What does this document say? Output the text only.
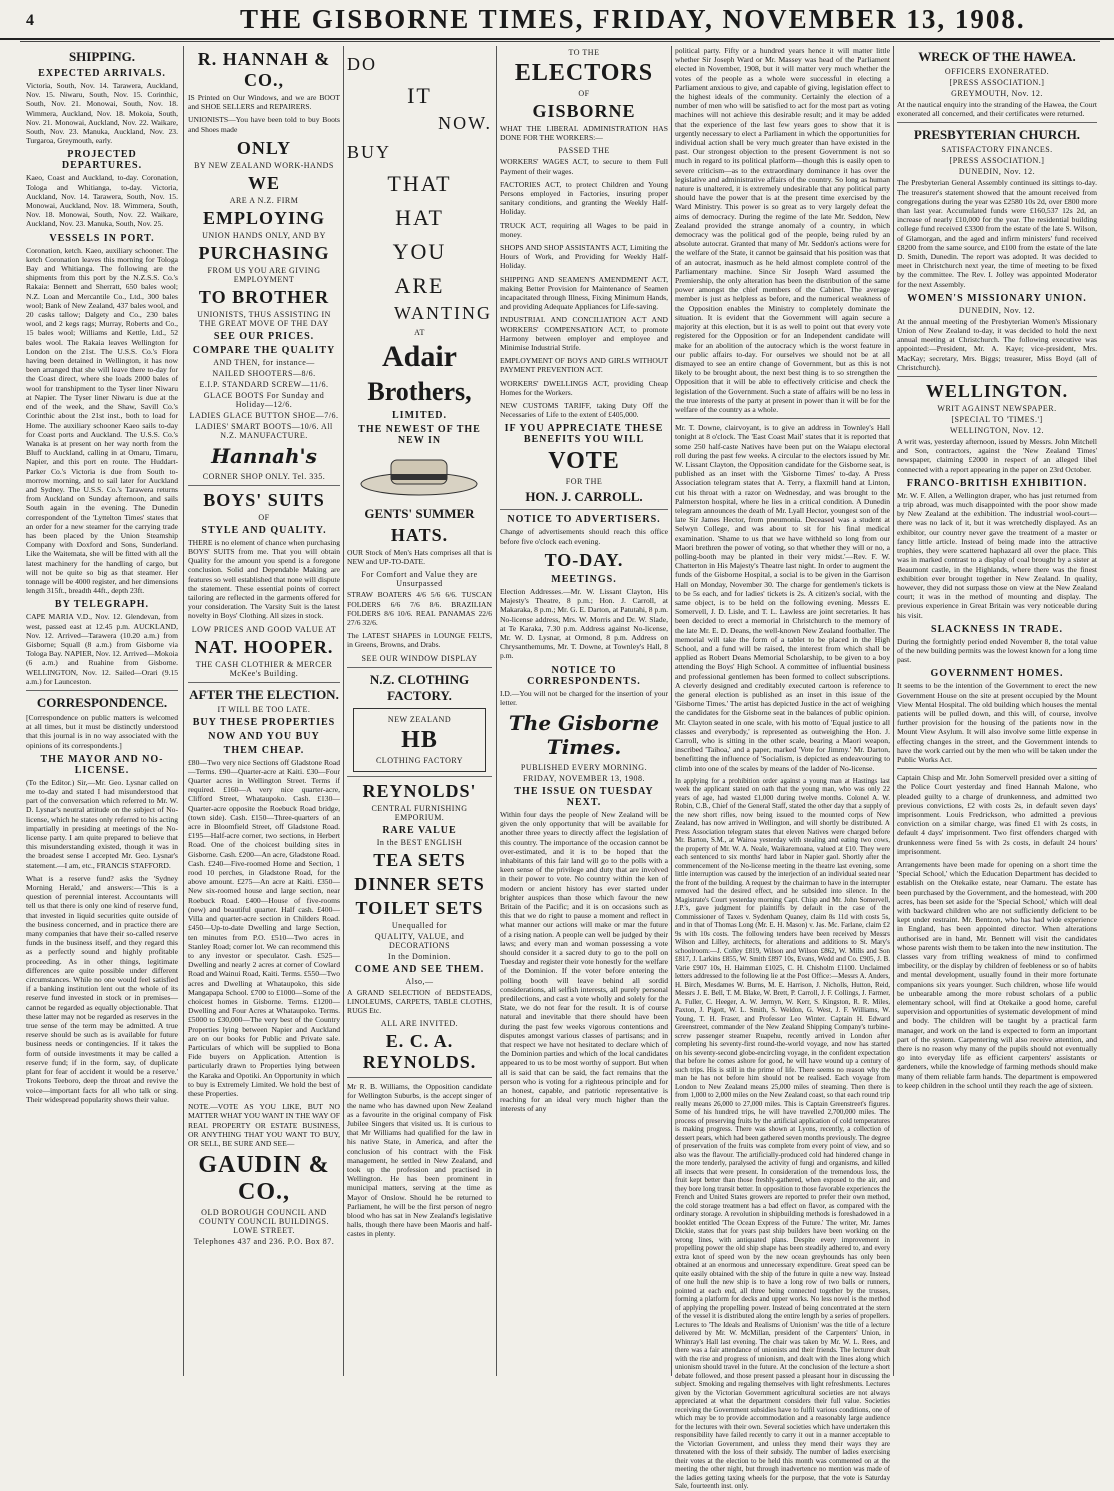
4	THE GISBORNE TIMES, FRIDAY, NOVEMBER 13, 1908.
SHIPPING.
EXPECTED ARRIVALS.

Victoria, South, Nov. 14. Tarawera, Auckland, Nov. 15. Niwaru, South, Nov. 15. Corinthic, South, Nov. 21. Monowai, South, Nov. 18. Wimmera, Auckland, Nov. 18. Mokoia, South, Nov. 21. Monowai, Auckland, Nov. 22. Waikare, South, Nov. 23. Manuka, Auckland, Nov. 23. Turgaroa, Greymouth, early.

PROJECTED DEPARTURES.

Kaeo, Coast and Auckland, to-day. Coronation, Tologa and Whitianga, to-day. Victoria, Auckland, Nov. 14. Tarawera, South, Nov. 15. Monowai, Auckland, Nov. 18. Wimmera, South, Nov. 18. Monowai, South, Nov. 22. Waikare, Auckland, Nov. 23. Manuka, South, Nov. 25.

VESSELS IN PORT.

Coronation, ketch. Kaeo, auxiliary schooner. The ketch Coronation leaves this morning for Tologa Bay and Whitianga. The following are the shipments from this port by the N.Z.S.S. Co.'s Rakaia: Bennett and Sherratt, 650 bales wool; N.Z. Loan and Mercantile Co., Ltd., 300 bales wool; Bank of New Zealand, 437 bales wool, and 20 casks tallow; Dalgety and Co., 230 bales wool, and 2 kegs rags; Murray, Roberts and Co., 15 bales wool; Williams and Kettle, Ltd., 52 bales wool. The Rakaia leaves Wellington for London on the 21st. The U.S.S. Co.'s Flora having been detained in Wellington, it has now been arranged that she will leave there to-day for the Coast direct, where she loads 2000 bales of wool for transhipment to the Tyser liner Niwaru at Napier. The Tyser liner Niwaru is due at the end of the week, and the Shaw, Savill Co.'s Corinthic about the 21st inst., both to load for Home. The auxiliary schooner Kaeo sails to-day for Coast ports and Auckland. The U.S.S. Co.'s Wanaka is at present on her way north from the Bluff to Auckland, calling in at Omaru, Timaru, Napier, and this port en route. The Huddart-Parker Co.'s Victoria is due from South to-morrow morning, and to sail later for Auckland and Sydney. The U.S.S. Co.'s Tarawera returns from Auckland on Sunday afternoon, and sails South again in the evening. The Dunedin correspondent of the 'Lyttelton Times' states that an order for a new steamer for the carrying trade has been placed by the Union Steamship Company with Doxford and Sons, Sunderland. Like the Waitemata, she will be fitted with all the latest machinery for the handling of cargo, but will not be quite so big as that steamer. Her tonnage will be 4000 register, and her dimensions length 315ft., breadth 44ft., depth 23ft.

BY TELEGRAPH.

CAPE MARIA V.D., Nov. 12. Glendevan, from west, passed east at 12.45 p.m. AUCKLAND, Nov. 12. Arrived—Tarawera (10.20 a.m.) from Gisborne; Squall (8 a.m.) from Gisborne via Tologa Bay. NAPIER, Nov. 12. Arrived—Mokoia (6 a.m.) and Ruahine from Gisborne. WELLINGTON, Nov. 12. Sailed—Orari (9.15 a.m.) for Launceston.

CORRESPONDENCE.

[Correspondence on public matters is welcomed at all times, but it must be distinctly understood that this journal is in no way associated with the opinions of its correspondents.]

THE MAYOR AND NO-LICENSE.

(To the Editor.) Sir,—Mr. Geo. Lysnar called on me to-day and stated I had misunderstood that part of the conversation which referred to Mr. W. D. Lysnar's neutral attitude on the subject of No-license, which he states only referred to his acting impartially in presiding at meetings of the No-license party. I am quite prepared to believe that this misunderstanding existed, though it was in the broadest sense I accepted Mr. Geo. Lysnar's statement.—I am, etc., FRANCIS STAFFORD.

What is a reserve fund? asks the 'Sydney Morning Herald,' and answers:—'This is a question of perennial interest. Accountants will tell us that there is only one kind of reserve fund, that invested in liquid securities quite outside of the business concerned, and in practice there are many companies that have their so-called reserve funds in the business itself, and they regard this as a perfectly sound and highly profitable proceeding. As in other things, legitimate differences are quite possible under different circumstances. While no one would feel satisfied if a banking institution lent out the whole of its reserve fund invested in stock or in premises—cannot be regarded as equally objectionable. That these latter may not be regarded as reserves in the true sense of the term may be admitted. A true reserve should be such as is available for future business needs or contingencies. If it takes the form of outside investments it may be called a reserve fund; if in the form, say, of duplicate plant for fear of accident it would be a reserve.' Trokons Teeboro, deep the throat and revive the voice—important facts for all who talk or sing. Their widespread popularity shows their value.

R. HANNAH & CO.,

IS Printed on Our Windows, and we are BOOT and SHOE SELLERS and REPAIRERS.

UNIONISTS—You have been told to buy Boots and Shoes made

ONLY
BY NEW ZEALAND WORK-HANDS
WE
ARE A N.Z. FIRM
EMPLOYING
UNION HANDS ONLY, AND BY
PURCHASING
FROM US YOU ARE GIVING EMPLOYMENT
TO BROTHER
UNIONISTS, THUS ASSISTING IN THE GREAT MOVE OF THE DAY
SEE OUR PRICES.
COMPARE THE QUALITY
AND THEN, for instance—
NAILED SHOOTERS—8/6.
E.I.P. STANDARD SCREW—11/6.
GLACE BOOTS For Sunday and Holiday—12/6.
LADIES GLACE BUTTON SHOE—7/6.
LADIES' SMART BOOTS—10/6. All N.Z. MANUFACTURE.
Hannah's
CORNER SHOP ONLY. Tel. 335.
BOYS' SUITS
OF
STYLE AND QUALITY.

THERE is no element of chance when purchasing BOYS' SUITS from me. That you will obtain Quality for the amount you spend is a foregone conclusion. Solid and Dependable Making are features so well established that none will dispute the statement. These essential points of correct tailoring are reflected in the garments offered for your consideration. The Varsity Suit is the latest novelty in Boys' Clothing. All sizes in stock.

LOW PRICES AND GOOD VALUE AT
NAT. HOOPER.
THE CASH CLOTHIER & MERCER McKee's Building.
AFTER THE ELECTION.
IT WILL BE TOO LATE.
BUY THESE PROPERTIES
NOW AND YOU BUY
THEM CHEAP.

£80—Two very nice Sections off Gladstone Road—Terms. £90—Quarter-acre at Kaiti. £30—Four Quarter acres in Wellington Street. Terms if required. £160—A very nice quarter-acre, Clifford Street, Whataupoko. Cash. £130—Quarter-acre opposite the Roebuck Road bridge, (town side). Cash. £150—Three-quarters of an acre in Bloomfield Street, off Gladstone Road. £195—Half-acre corner, two sections, in Herbert Road. One of the choicest building sites in Gisborne. Cash. £200—An acre, Gladstone Road. Cash. £240—Five-roomed Home and Section, 1 rood 10 perches, in Gladstone Road, for the above amount. £275—An acre at Kaiti. £350—New six-roomed house and large section, near Roebuck Road. £400—House of five-rooms (new) and beautiful quarter. Half cash. £400—Villa and quarter-acre section in Childers Road. £450—Up-to-date Dwelling and large Section, ten minutes from P.O. £510—Two acres in Stanley Road; corner lot. We can recommend this to any investor or speculator. Cash. £525—Dwelling and nearly 2 acres at corner of Cowlard Road and Wainui Road, Kaiti. Terms. £550—Two acres and Dwelling at Whataupoko, this side Mangapapa School. £700 to £1000—Some of the choicest homes in Gisborne. Terms. £1200—Dwelling and Four Acres at Whataupoko. Terms. £5000 to £30,000—The very best of the Country Properties lying between Napier and Auckland are on our books for Public and Private sale. Particulars of which will be supplied to Bona Fide buyers on Application. Attention is particularly drawn to Properties lying between the Karaka and Opotiki. An Opportunity in which to buy is Extremely Limited. We hold the best of these Properties.

NOTE.—VOTE AS YOU LIKE, BUT NO MATTER WHAT YOU WANT IN THE WAY OF REAL PROPERTY OR ESTATE BUSINESS, OR ANYTHING THAT YOU WANT TO BUY, OR SELL, BE SURE AND SEE—

GAUDIN & CO.,
OLD BOROUGH COUNCIL AND COUNTY COUNCIL BUILDINGS. LOWE STREET.
Telephones 437 and 236. P.O. Box 87.
DO
IT
NOW.
BUY
THAT
HAT
YOU
ARE
WANTING
AT
Adair
Brothers,
LIMITED.
THE NEWEST OF THE NEW IN
GENTS' SUMMER
HATS.

OUR Stock of Men's Hats comprises all that is NEW and UP-TO-DATE.

For Comfort and Value they are Unsurpassed

STRAW BOATERS 4/6 5/6 6/6. TUSCAN FOLDERS 6/6 7/6 8/6. BRAZILIAN FOLDERS 8/6 10/6. REAL PANAMAS 22/6 27/6 32/6.

The LATEST SHAPES in LOUNGE FELTS, in Greens, Browns, and Drabs.

SEE OUR WINDOW DISPLAY
N.Z. CLOTHING FACTORY.
NEW ZEALAND
HB
CLOTHING FACTORY
REYNOLDS'
CENTRAL FURNISHING EMPORIUM.
RARE VALUE
In the BEST ENGLISH
TEA SETS
DINNER SETS
TOILET SETS
Unequalled for
QUALITY, VALUE, and DECORATIONS
In the Dominion.
COME AND SEE THEM.
Also,—

A GRAND SELECTION of BEDSTEADS, LINOLEUMS, CARPETS, TABLE CLOTHS, RUGS Etc.

ALL ARE INVITED.
E. C. A. REYNOLDS.

Mr R. B. Williams, the Opposition candidate for Wellington Suburbs, is the accept singer of the name who has dawned upon New Zealand as a favourite in the original company of Fisk Jubilee Singers that visited us. It is curious to that Mr Williams had qualified for the law in his native State, in America, and after the conclusion of his contract with the Fisk management, he settled in New Zealand, and took up the profession and practised in Wellington. He has been prominent in municipal matters, serving at the time as Mayor of Onslow. Should he be returned to Parliament, he will be the first person of negro blood who has sat in New Zealand's legislative halls, though there have been Maoris and half-castes in plenty.

TO THE
ELECTORS
OF
GISBORNE

WHAT THE LIBERAL ADMINISTRATION HAS DONE FOR THE WORKERS:—

PASSED THE

WORKERS' WAGES ACT, to secure to them Full Payment of their wages.

FACTORIES ACT, to protect Children and Young Persons employed in Factories, insuring proper sanitary conditions, and granting the Weekly Half-Holiday.

TRUCK ACT, requiring all Wages to be paid in money.

SHOPS AND SHOP ASSISTANTS ACT, Limiting the Hours of Work, and Providing for Weekly Half-Holiday.

SHIPPING AND SEAMEN'S AMENDMENT ACT, making Better Provision for Maintenance of Seamen incapacitated through Illness, Fixing Minimum Hands, and providing Adequate Appliances for Life-saving.

INDUSTRIAL AND CONCILIATION ACT AND WORKERS' COMPENSATION ACT, to promote Harmony between employer and employee and Minimise Industrial Strife.

EMPLOYMENT OF BOYS AND GIRLS WITHOUT PAYMENT PREVENTION ACT.

WORKERS' DWELLINGS ACT, providing Cheap Homes for the Workers.

NEW CUSTOMS TARIFF, taking Duty Off the Necessaries of Life to the extent of £405,000.

IF YOU APPRECIATE THESE BENEFITS YOU WILL
VOTE
FOR THE
HON. J. CARROLL.
NOTICE TO ADVERTISERS.

Change of advertisements should reach this office before five o'clock each evening.

TO-DAY.
MEETINGS.

Election Addresses.—Mr. W. Lissant Clayton, His Majesty's Theatre, 8 p.m.; Hon. J. Carroll, at Makaraka, 8 p.m.; Mr. G. E. Darton, at Patutahi, 8 p.m. No-license address, Mrs. W. Morris and Dr. W. Slade, at Te Karaka, 7.30 p.m. Address against No-license, Mr. W. D. Lysnar, at Ormond, 8 p.m. Address on Chrysanthemums, Mr. T. Downe, at Townley's Hall, 8 p.m.

NOTICE TO CORRESPONDENTS.

I.D.—You will not be charged for the insertion of your letter.

The Gisborne Times.
PUBLISHED EVERY MORNING.
FRIDAY, NOVEMBER 13, 1908.
THE ISSUE ON TUESDAY NEXT.

Within four days the people of New Zealand will be given the only opportunity that will be available for another three years to directly affect the legislation of this country. The importance of the occasion cannot be over-estimated, and it is to be hoped that the inhabitants of this fair land will go to the polls with a keen sense of the privilege and duty that are involved in their power to vote. No country within the ken of modern or ancient history has ever started under brighter auspices than those which favour the new Britain of the Pacific; and it is on occasions such as this that we do right to pause a moment and reflect in what manner our actions will make or mar the future of a rising nation. A people can well be judged by their laws; and every man and woman possessing a vote should consider it a sacred duty to go to the poll on Tuesday and register their vote honestly for the welfare of the Dominion. If the voter before entering the polling booth will leave behind all sordid considerations, all selfish interests, all purely personal predilections, and cast a vote wholly and solely for the State, we do not fear for the result. It is of course natural and inevitable that there should have been during the past few weeks vigorous contentions and disputes amongst various classes of partisans; and in that respect we have not hesitated to declare which of the Dominion parties and which of the local candidates appeared to us to be most worthy of support. But when all is said that can be said, the fact remains that the person who is voting for a righteous principle and for an honest, capable, and patriotic representative is reaching for an ideal very much higher than the interests of any

political party. Fifty or a hundred years hence it will matter little whether Sir Joseph Ward or Mr. Massey was head of the Parliament elected in November, 1908, but it will matter very much whether the votes of the people as a whole were successful in electing a Parliament anxious to give, and capable of giving, legislation effect to the highest ideals of the community. Certainly the election of a number of men who will be satisfied to act for the most part as voting machines will not achieve this desirable result; and it may be added that the experience of the last few years goes to show that it is urgently necessary to elect a Parliament in which the opportunities for individual action shall be very much greater than have existed in the past. Our strongest objection to the present Government is not so much in regard to its political platform—though this is easily open to severe criticism—as to the extraordinary dominance it has over the legislative and administrative affairs of the country. So long as human nature is unaltered, it is extremely undesirable that any political party should have the power that is at the present time exercised by the Ward Ministry. This power is so great as to very largely defeat the aims of democracy. During the regime of the late Mr. Seddon, New Zealand provided the strange anomaly of a country, in which democracy was the political god of the people, being ruled by an absolute autocrat. Granted that many of Mr. Seddon's actions were for the welfare of the State, it cannot be gainsaid that his position was that of an autocrat, inasmuch as he held almost complete control of the Parliamentary machine. Since Sir Joseph Ward assumed the Premiership, the only alteration has been the distribution of the same power amongst the chief members of the Cabinet. The average member is just as helpless as before, and the numerical weakness of the Opposition enables the Ministry to completely dominate the situation. It is evident that the Government will again secure a majority at this election, but it is as well to point out that every vote registered for the Opposition or for an Independent candidate will make for an abolition of the autocracy which is the worst feature in our public affairs to-day. For ourselves we should not be at all dismayed to see an entire change of Government, but as this is not likely to be brought about, the next best thing is to so strengthen the Opposition that it will be able to effectively criticise and check the legislation of the Government. Such a state of affairs will be no less in the true interests of the party at present in power than it will be for the welfare of the country as a whole.

Mr. T. Downe, clairvoyant, is to give an address in Townley's Hall tonight at 8 o'clock. The 'East Coast Mail' states that it is reported that some 250 half-caste Natives have been put on the Waiapu electoral roll during the past few weeks. A circular to the electors issued by Mr. W. Lissant Clayton, the Opposition candidate for the Gisborne seat, is published as an inset with the 'Gisborne Times' to-day. A Press Association telegram states that A. Terry, a flaxmill hand at Linton, cut his throat with a razor on Wednesday, and was brought to the Palmerston hospital, where he lies in a critical condition. A Dunedin telegram announces the death of Mr. Lyall Hector, youngest son of the late Sir James Hector, from pneumonia. Deceased was a student at Selwyn College, and was about to sit for his final medical examination. 'Shame to us that we have withheld so long from our Maori brethren the power of voting, so that whether they will or no, a polling-booth may be planted in their very midst.'—Rev. F. W. Chatterton in His Majesty's Theatre last night. In order to augment the funds of the Gisborne Hospital, a social is to be given in the Garrison Hall on Monday, November 30. The charge for gentlemen's tickets is to be 5s each, and for ladies' tickets is 2s. A citizen's social, with the same object, is to be held on the following evening. Messrs E. Somervell, J. D. Lisle, and T. L. Lawless are joint secretaries. It has been decided to erect a memorial in Christchurch to the memory of the late Mr. E. D. Deans, the well-known New Zealand footballer. The memorial will take the form of a tablet to be placed in the High School, and a fund will be raised, the interest from which shall be applied as Robert Deans Memorial Scholarship, to be given to a boy attending the Boys' High School. A committee of influential business and professional gentlemen has been formed to collect subscriptions. A cleverly designed and creditably executed cartoon is reference to the general election is published as an inset in this issue of the 'Gisborne Times.' The artist has depicted Justice in the act of weighing the candidates for the Gisborne seat in the balances of public opinion. Mr. Clayton seated in one scale, with his motto of 'Equal justice to all classes and everybody,' is represented as outweighing the Hon. J. Carroll, who is sitting in the other scale, bearing a Maori weapon, inscribed 'Taihoa,' and a paper, marked 'Vote for Jimmy.' Mr. Darton, benefitting the influence of 'Socialism, is depicted as endeavouring to climb into one of the scales by means of the ladder of No-license.

In applying for a prohibition order against a young man at Hastings last week the applicant stated on oath that the young man, who was only 22 years of age, had wasted £1,000 during twelve months. Colonel A. W. Robin, C.B., Chief of the General Staff, stated the other day that a supply of the new short rifles, now being issued to the mounted corps of New Zealand, has now arrived in Wellington, and will shortly be distributed. A Press Association telegram states that eleven Natives were charged before Mr. Barton, S.M., at Wairoa yesterday with stealing and eating two cows, the property of Mr. W. A. Neale, Waikaremoana, valued at £10. They were each sentenced to six months' hard labor in Napier gaol. Shortly after the commencement of the No-license meeting in the theatre last evening, some little interruption was caused by the interjection of an individual seated near the front of the building. A request by the chairman to have in the interrupter removed had the desired effect, and he subsided into silence. In the Magistrate's Court yesterday morning Capt. Chisp and Mr. John Somervell, J.P.'s, gave judgment for plaintiffs by default in the case of the Commissioner of Taxes v. Sydenham Quaney, claim 8s 11d with costs 5s, and in that of Thomas Long (Mr. E. H. Mason) v. Jas. Mc. Farlane, claim £2 9s with 10s costs. The following tenders have been received by Messrs Wilson and Lilley, architects, for alterations and additions to St. Mary's schoolroom:—J. Colley £819, Wilson and Wilson £862, W. Mills and Son £817, J. Larkins £855, W. Smith £897 10s, Evans, Wedd and Co. £905, J. B. Varie £907 10s, H. Haimman £1025, C. H. Chisholm £1100. Unclaimed letters addressed to the following lie at the Post Office:—Messrs A. Anders, H. Birch, Mesdames W. Burns, M. E. Harrison, J. Nicholls, Hutton, Reid, Messrs J. E. Bell, T. M. Blake, W. Brett, P. Carroll, J. F. Collings, J. Farmer, A. Fuller, C. Heeger, A. W. Jermyn, W. Kerr, S. Kingston, R. R. Miles, Paxton, J. Pigott, W. L. Smith, S. Weldon, G. West, J. F. Williams, W. Young, T. H. Fraser, and Professor Leo Winter. Captain H. Edward Greenstreet, commander of the New Zealand Shipping Company's turbine-screw passenger steamer Ruapehu, recently arrived in London after completing his seventy-first round-the-world voyage, and now has started on his seventy-second globe-encircling voyage, in the confident expectation that before he comes ashore for good, he will have wound up a century of such trips. His is still in the prime of life. There seems no reason why the man he has not before him should not be realised. Each voyage from London to New Zealand means 25,000 miles of steaming. Then there is from 1,000 to 2,000 miles on the New Zealand coast, so that each round trip really means 26,000 to 27,000 miles. This is Captain Greenstreet's figures. Some of his hundred trips, he will have travelled 2,700,000 miles. The process of preserving fruits by the artificial application of cold temperatures is making progress. There was shown at Lyons, recently, a collection of dessert pears, which had been gathered seven months previously. The degree of preservation of the fruits was complete from every point of view, and so also was the flavour. The artificially-produced cold had hindered change in the more tenderly, paralysed the activity of fungi and organisms, and killed all insects that were present. In consideration of the tremendous loss, the fruit kept better than those freshly-gathered, when exposed to the air, and they bore long transit better. In opposition to those favorable experiences the French and United States growers are reported to prefer their own method, the cold storage treatment has a bad effect on flavor, as compared with the ordinary storage. A revolution in shipbuilding methods is foreshadowed in a booklet entitled 'The Ocean Express of the Future.' The writer, Mr. James Dickie, states that for years past ship builders have been working on the wrong lines, with antiquated plans. Despite every improvement in propelling power the old ship shape has been steadily adhered to, and every extra knot of speed won by the new ocean greyhounds has only been obtained at an enormous and unnecessary expenditure. Great speed can be quite easily obtained with the ship of the future in quite a new way. Instead of one hull the new ship is to have a long row of two balls or runners, pointed at each end, all three being connected together by the trusses, forming a platform for decks and upper works. No less novel is the method of applying the propelling power. Instead of being concentrated at the stern of the vessel it is distributed along the entire length by a series of propellers. Lectures to 'The Ideals and Realisms of Unionism' was the title of a lecture delivered by Mr. W. McMillan, president of the Carpenters' Union, in Whinray's Hall last evening. The chair was taken by Mr. W. L. Rees, and there was a fair attendance of unionists and their friends. The lecturer dealt with the rise and progress of unionism, and dealt with the lines along which unionism should travel in the future. At the conclusion of the lecture a short debate followed, and those present passed a pleasant hour in discussing the subject. Smoking and regaling themselves with light refreshments. Lectures given by the Victorian Government agricultural societies are not always appreciated at what the department considers their full value. Societies receiving the Government subsidies have to fulfil various conditions, one of which may be to provide accommodation and a reasonably large audience for the lectures with their own. Several societies which have undertaken this responsibility have failed recently to carry it out in a manner acceptable to the Victorian Government, and unless they mend their ways they are threatened with the loss of their subsidy. The number of ladies exercising their votes at the election to be held this month was commented on at the meeting the other night, but through inadvertence no mention was made of the ladies getting taxing wheels for the purpose, that the vote is Saturday Sale, fourteenth inst. only.

WRECK OF THE HAWEA.
OFFICERS EXONERATED.
[PRESS ASSOCIATION.]
GREYMOUTH, Nov. 12.

At the nautical enquiry into the stranding of the Hawea, the Court exonerated all concerned, and their certificates were returned.

PRESBYTERIAN CHURCH.
SATISFACTORY FINANCES.
[PRESS ASSOCIATION.]
DUNEDIN, Nov. 12.

The Presbyterian General Assembly continued its sittings to-day. The treasurer's statement showed that the amount received from congregations during the year was £2580 10s 2d, over £800 more than last year. Accumulated funds were £160,537 12s 2d, an increase of nearly £10,000 for the year. The residential building college fund received £3300 from the estate of the late S. Wilson, of Glamorgan, and the aged and infirm ministers' fund received £8200 from the same source, and £100 from the estate of the late D. Smith, Dunedin. The report was adopted. It was decided to meet in Christchurch next year, the time of meeting to be fixed by the committee. The Rev. I. Jolley was appointed Moderator for the next Assembly.

WOMEN'S MISSIONARY UNION.
DUNEDIN, Nov. 12.

At the annual meeting of the Presbyterian Women's Missionary Union of New Zealand to-day, it was decided to hold the next annual meeting at Christchurch. The following executive was appointed:—President, Mr. A. Kaye; vice-president, Mrs. MacKay; secretary, Mrs. Biggs; treasurer, Miss Boyd (all of Christchurch).

WELLINGTON.
WRIT AGAINST NEWSPAPER.
[SPECIAL TO 'TIMES.']
WELLINGTON, Nov. 12.

A writ was, yesterday afternoon, issued by Messrs. John Mitchell and Son, contractors, against the 'New Zealand Times' newspaper, claiming £2000 in respect of an alleged libel connected with a report appearing in the paper on 23rd October.

FRANCO-BRITISH EXHIBITION.

Mr. W. F. Allen, a Wellington draper, who has just returned from a trip abroad, was much disappointed with the poor show made by New Zealand at the exhibition. The industrial wool-court—there was no lack of it, but it was wretchedly displayed. As an exhibitor, our country never gave the treatment of a master or fancy little article. Instead of being made into the attractive trophies, they were scattered haphazard all over the place. This was in marked contrast to a display of coal brought by a sister at Beaumont castle, in the Highlands, where there was the finest exhibition ever brought together in New Zealand. In quality, however, they did not surpass those on view at the New Zealand court; it was in the method of mounting and display. The previous experience in Great Britain was very noticeable during his visit.

SLACKNESS IN TRADE.

During the fortnightly period ended November 8, the total value of the new building permits was the lowest known for a long time past.

GOVERNMENT HOMES.

It seems to be the intention of the Government to erect the new Government House on the site at present occupied by the Mount View Mental Hospital. The old building which houses the mental patients will be pulled down, and this will, of course, involve further provision for the housing of the patients now in the Mount View Asylum. It will also involve some little expense in effecting changes in the street, and the Government intends to have the work carried out by the men who will be taken under the Public Works Act.

Captain Chisp and Mr. John Somervell presided over a sitting of the Police Court yesterday and fined Hannah Malone, who pleaded guilty to a charge of drunkenness, and admitted two previous convictions, £2 with costs 2s, in default seven days' imprisonment. Louis Fredrickson, who admitted a previous conviction on a similar charge, was fined £1 with 2s costs, in default 4 days' imprisonment. Two first offenders charged with drunkenness were fined 5s with 2s costs, in default 24 hours' imprisonment.

Arrangements have been made for opening on a short time the 'Special School,' which the Education Department has decided to establish on the Otekaike estate, near Oamaru. The estate has been purchased by the Government, and the homestead, with 200 acres, has been set aside for the 'Special School,' which will deal with backward children who are not sufficiently deficient to be kept under restraint. Mr. Bentzon, who has had wide experience in England, has been appointed director. When alterations authorised are in hand, Mr. Bennett will visit the candidates whose parents wish them to be taken into the new institution. The classes vary from trifling weakness of mind to confirmed imbecility, or the display by children of feebleness or so of habits and mental development, usually found in their more fortunate companions six years younger. Such children, whose life would be unbearable among the more robust scholars of a public elementary school, will find at Otekaike a good home, careful supervision and opportunities of systematic development of mind and body. The children will be taught by a practical farm manager, and work on the land is expected to form an important part of the system. Carpentering will also receive attention, and there is no reason why many of the pupils should not eventually go into everyday life as efficient carpenters' assistants or gardeners, while the knowledge of farming methods should make many of them reliable farm hands. The department is empowered to keep children in the school until they reach the age of sixteen.
